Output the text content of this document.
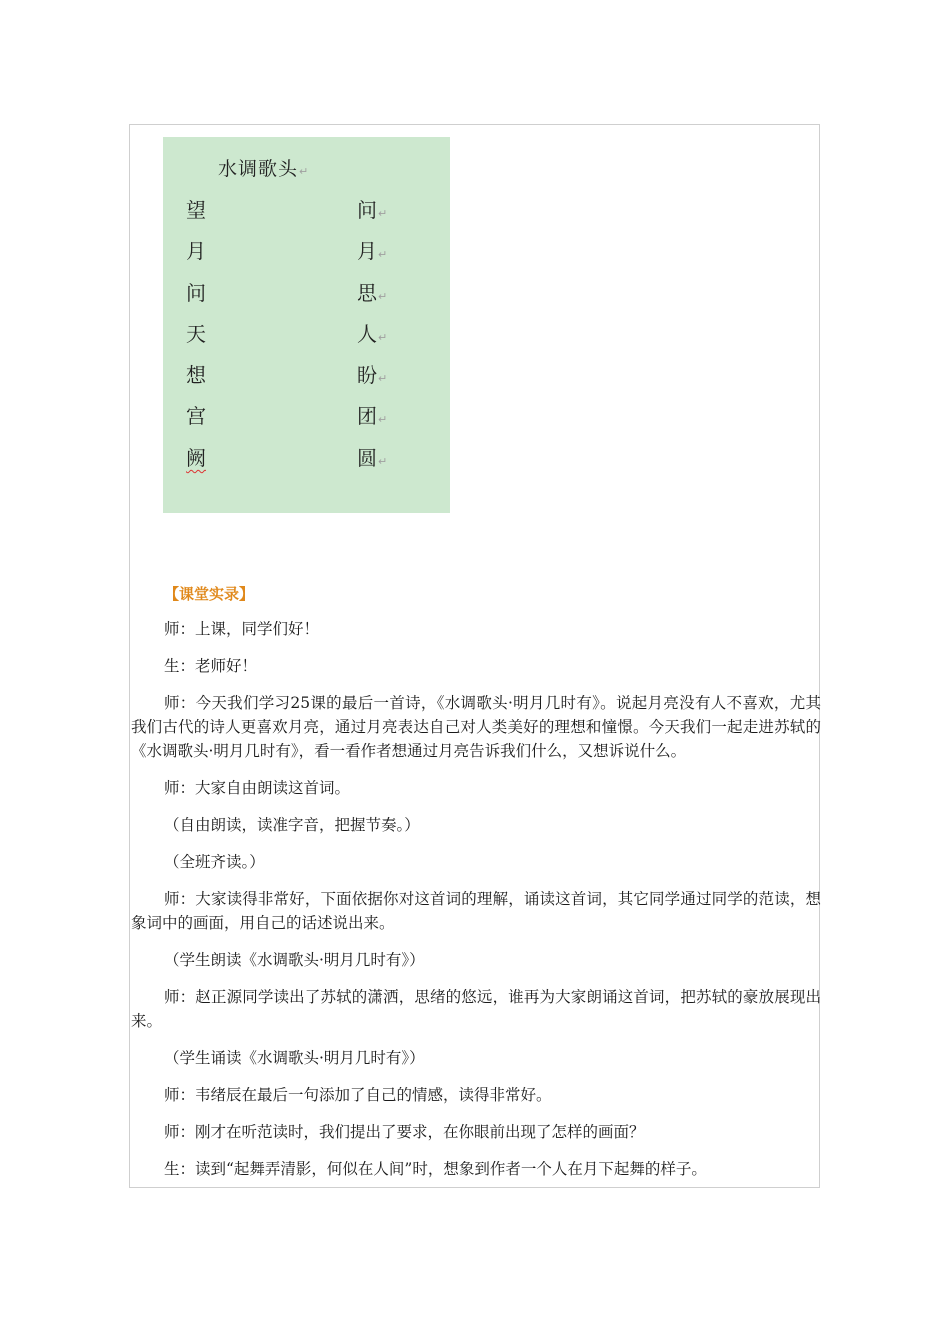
水调歌头↵
望
月
问
天
想
宫
阙
问↵
月↵
思↵
人↵
盼↵
团↵
圆↵

【课堂实录】

师：上课，同学们好！

生：老师好！

师：今天我们学习25课的最后一首诗，《水调歌头·明月几时有》。说起月亮没有人不喜欢，尤其我们古代的诗人更喜欢月亮，通过月亮表达自己对人类美好的理想和憧憬。今天我们一起走进苏轼的《水调歌头·明月几时有》，看一看作者想通过月亮告诉我们什么，又想诉说什么。

师：大家自由朗读这首词。

（自由朗读，读准字音，把握节奏。）

（全班齐读。）

师：大家读得非常好，下面依据你对这首词的理解，诵读这首词，其它同学通过同学的范读，想象词中的画面，用自己的话述说出来。

（学生朗读《水调歌头·明月几时有》）

师：赵正源同学读出了苏轼的潇洒，思绪的悠远，谁再为大家朗诵这首词，把苏轼的豪放展现出来。

（学生诵读《水调歌头·明月几时有》）

师：韦绪辰在最后一句添加了自己的情感，读得非常好。

师：刚才在听范读时，我们提出了要求，在你眼前出现了怎样的画面？

生：读到“起舞弄清影，何似在人间”时，想象到作者一个人在月下起舞的样子。
